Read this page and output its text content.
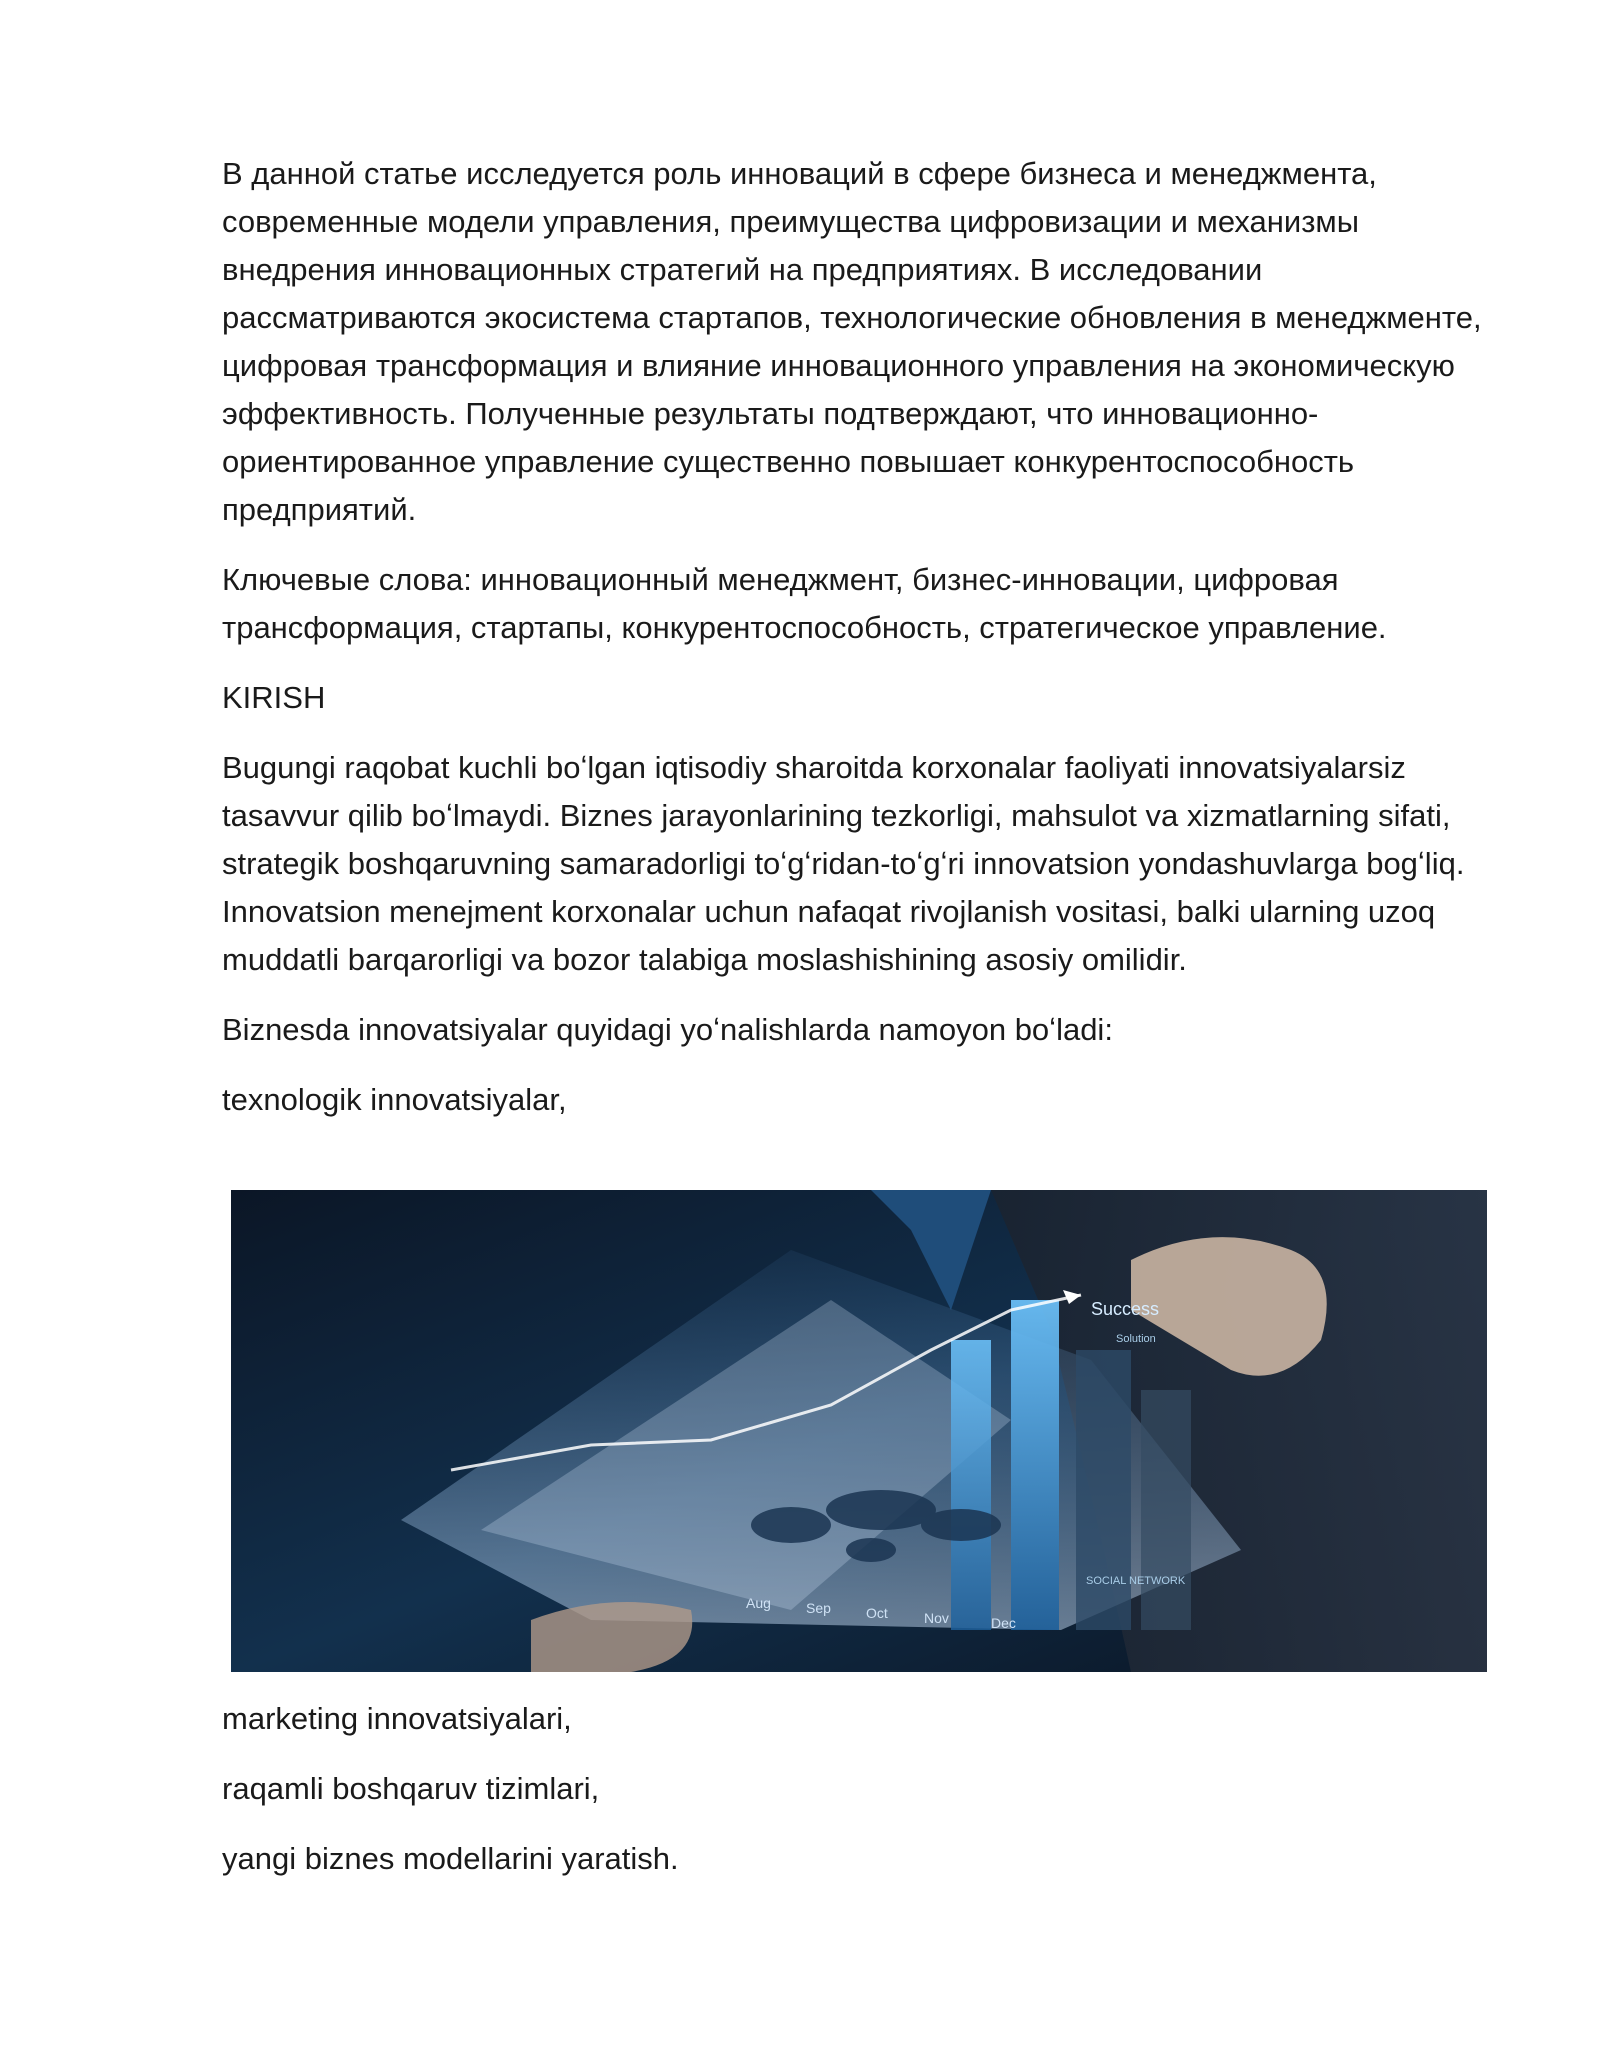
В данной статье исследуется роль инноваций в сфере бизнеса и менеджмента, современные модели управления, преимущества цифровизации и механизмы внедрения инновационных стратегий на предприятиях. В исследовании рассматриваются экосистема стартапов, технологические обновления в менеджменте, цифровая трансформация и влияние инновационного управления на экономическую эффективность. Полученные результаты подтверждают, что инновационно-ориентированное управление существенно повышает конкурентоспособность предприятий.

Ключевые слова: инновационный менеджмент, бизнес-инновации, цифровая трансформация, стартапы, конкурентоспособность, стратегическое управление.

KIRISH

Bugungi raqobat kuchli boʻlgan iqtisodiy sharoitda korxonalar faoliyati innovatsiyalarsiz tasavvur qilib boʻlmaydi. Biznes jarayonlarining tezkorligi, mahsulot va xizmatlarning sifati, strategik boshqaruvning samaradorligi toʻgʻridan-toʻgʻri innovatsion yondashuvlarga bogʻliq. Innovatsion menejment korxonalar uchun nafaqat rivojlanish vositasi, balki ularning uzoq muddatli barqarorligi va bozor talabiga moslashishining asosiy omilidir.

Biznesda innovatsiyalar quyidagi yoʻnalishlarda namoyon boʻladi:

texnologik innovatsiyalar,

Success
Solution
SOCIAL NETWORK
Aug	Sep	Oct	Nov	Dec

marketing innovatsiyalari,

raqamli boshqaruv tizimlari,

yangi biznes modellarini yaratish.
